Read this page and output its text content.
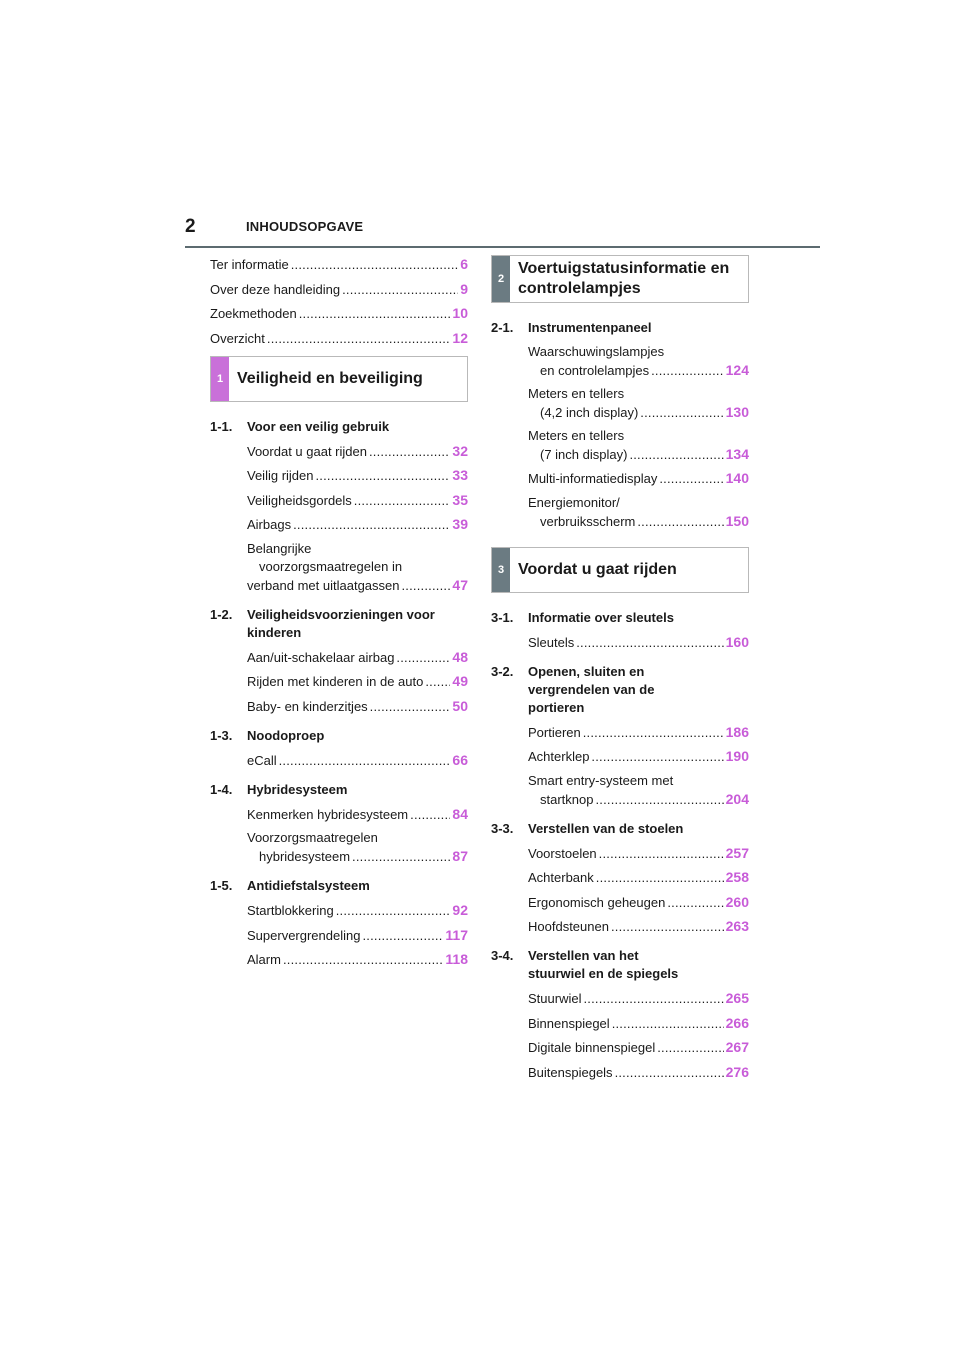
2	INHOUDSOPGAVE
Ter informatie .....	6
Over deze handleiding .....	9
Zoekmethoden .....	10
Overzicht .....	12
1 Veiligheid en beveiliging
1-1.	Voor een veilig gebruik
Voordat u gaat rijden .....	32
Veilig rijden .....	33
Veiligheidsgordels .....	35
Airbags .....	39
Belangrijke
voorzorgsmaatregelen in
verband met uitlaatgassen .....	47
1-2.	Veiligheidsvoorzieningen voor kinderen
Aan/uit-schakelaar airbag .....	48
Rijden met kinderen in de auto ..... 49
Baby- en kinderzitjes .....	50
1-3.	Noodoproep
eCall .....	66
1-4.	Hybridesysteem
Kenmerken hybridesysteem .....	84
Voorzorgsmaatregelen
hybridesysteem .....	87
1-5.	Antidiefstalsysteem
Startblokkering .....	92
Supervergrendeling .....	117
Alarm .....	118
2
Voertuigstatusinformatie en controlelampjes
2-1.	Instrumentenpaneel
Waarschuwingslampjes
en controlelampjes .....	124
Meters en tellers
(4,2 inch display) .....	130
Meters en tellers
(7 inch display) .....	134
Multi-informatiedisplay .....	140
Energiemonitor/
verbruiksscherm .....	150
3 Voordat u gaat rijden
3-1.	Informatie over sleutels
Sleutels .....	160
3-2.	Openen, sluiten en vergrendelen van de portieren
Portieren .....	186
Achterklep .....	190
Smart entry-systeem met
startknop .....	204
3-3.	Verstellen van de stoelen
Voorstoelen .....	257
Achterbank .....	258
Ergonomisch geheugen .....	260
Hoofdsteunen .....	263
3-4.	Verstellen van het stuurwiel en de spiegels
Stuurwiel .....	265
Binnenspiegel .....	266
Digitale binnenspiegel .....	267
Buitenspiegels .....	276
